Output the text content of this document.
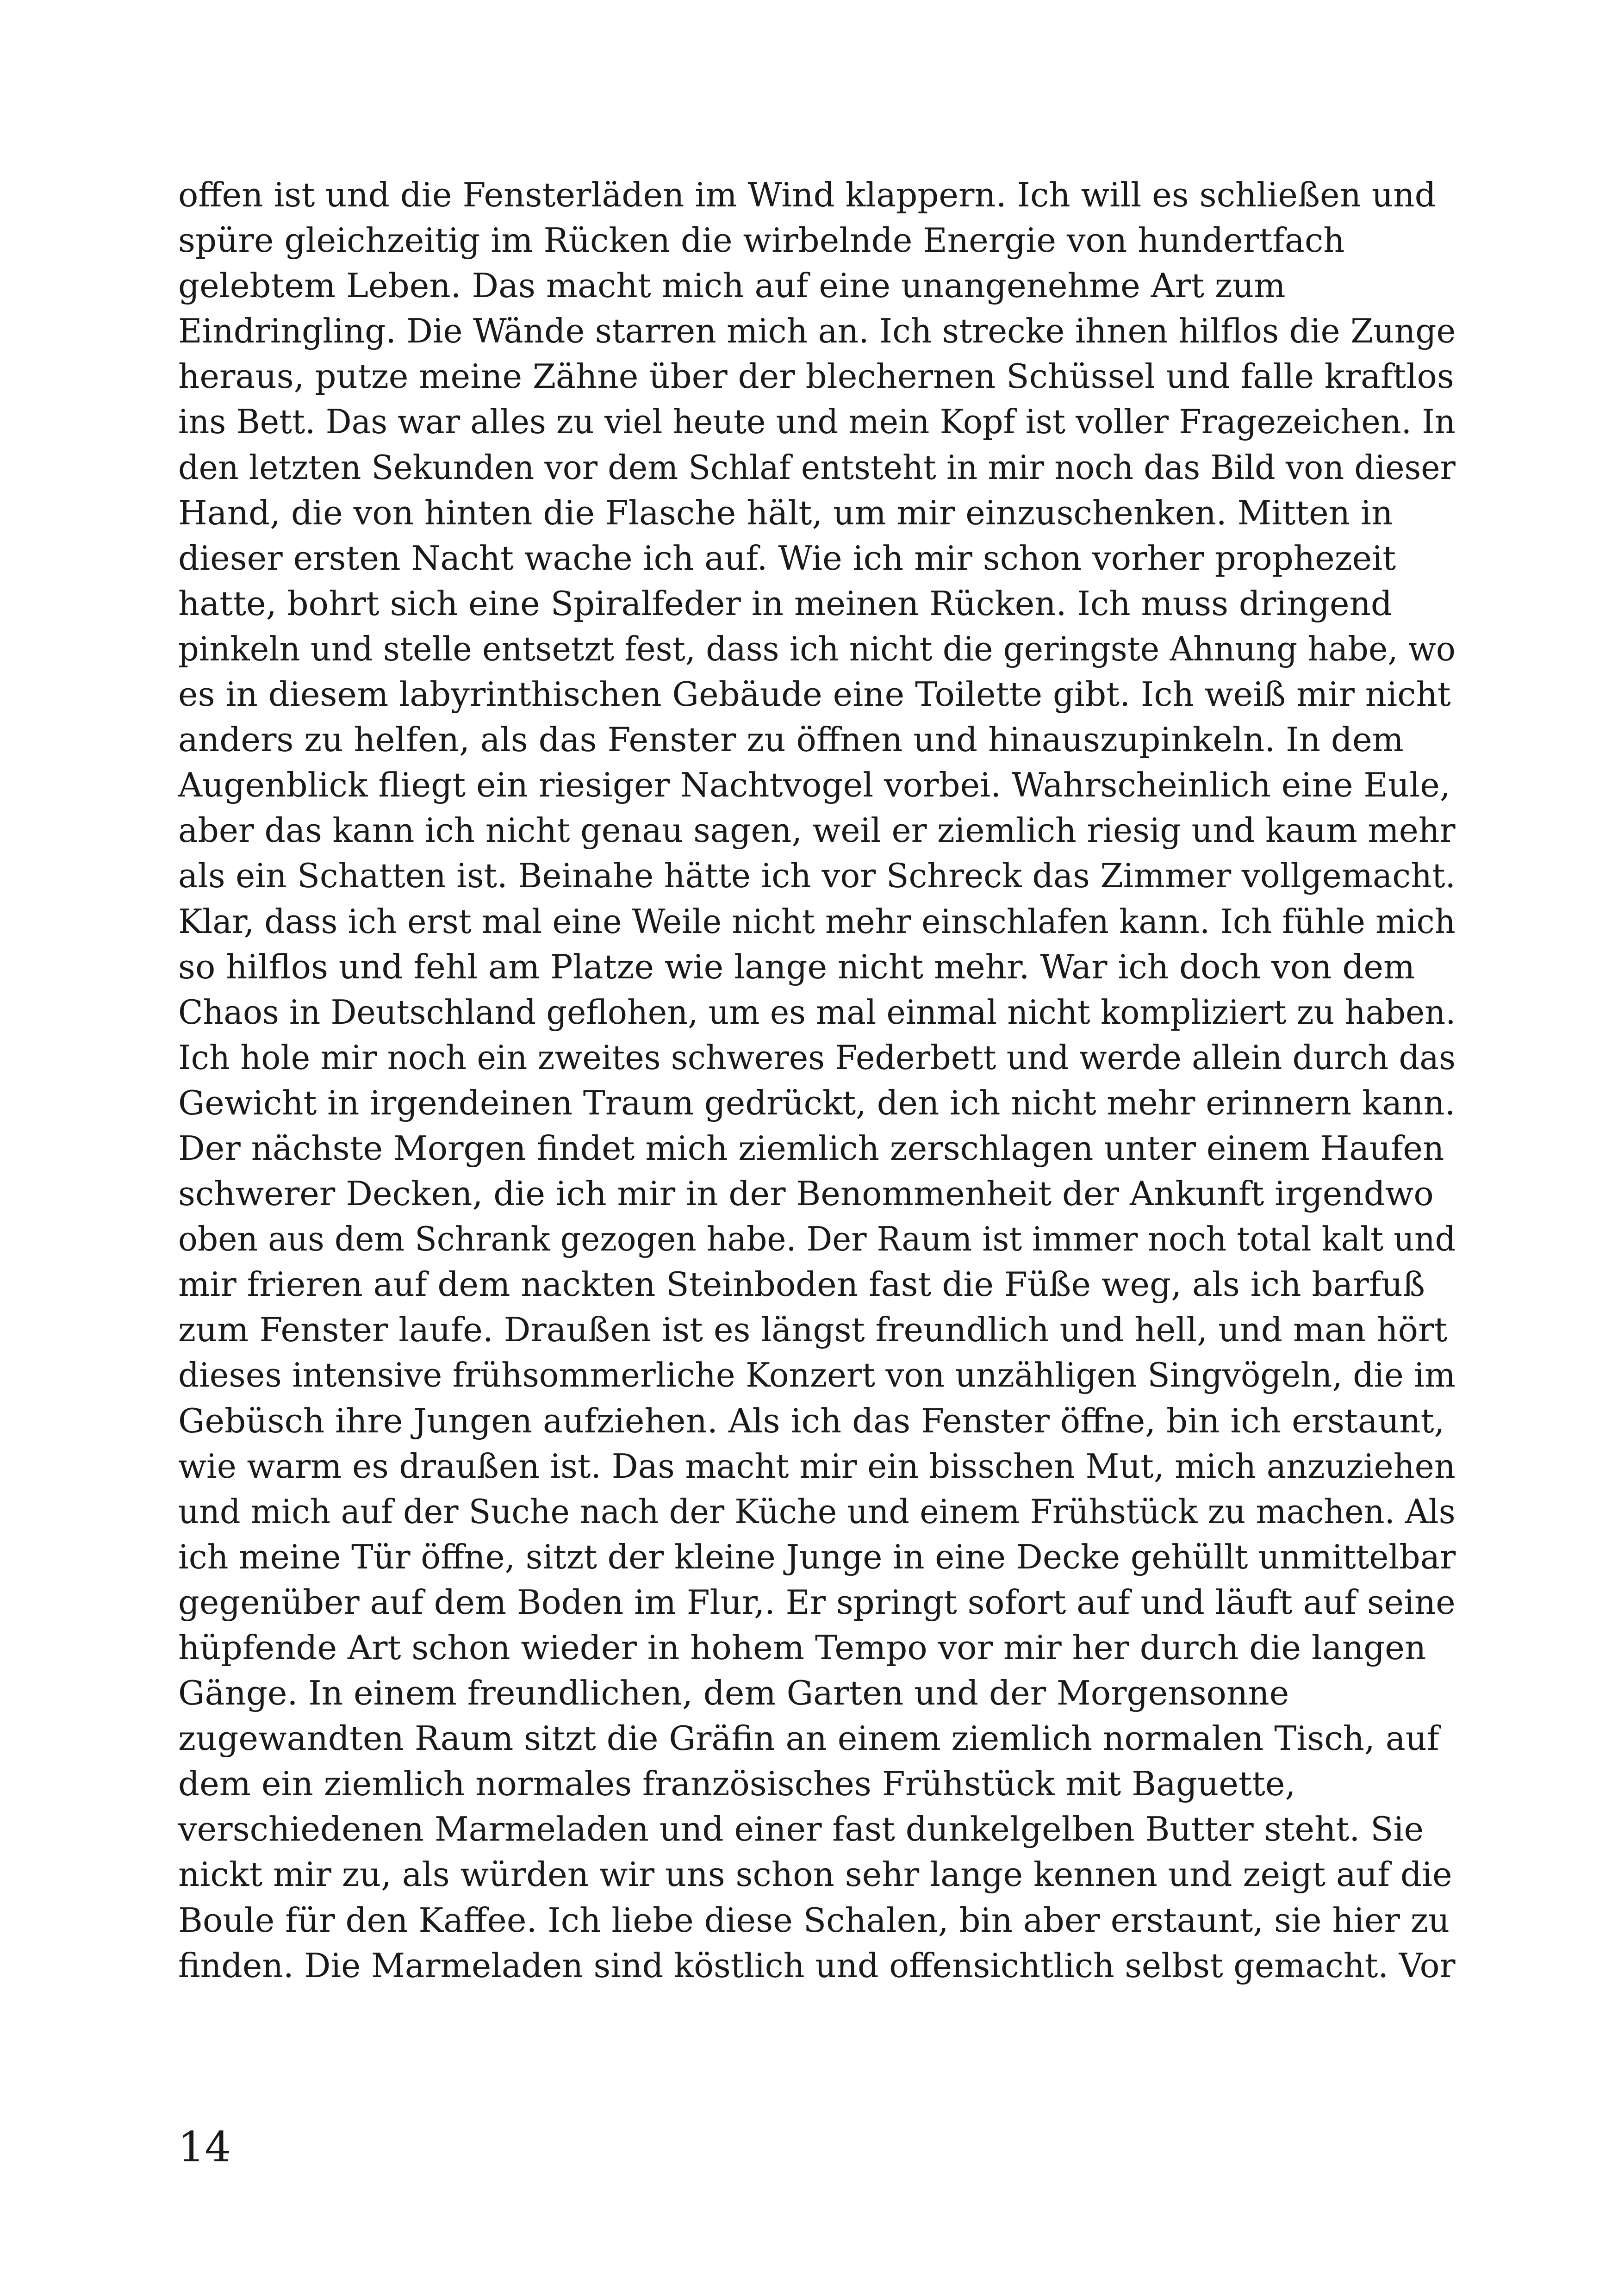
offen ist und die Fensterläden im Wind klappern. Ich will es schließen und
spüre gleichzeitig im Rücken die wirbelnde Energie von hundertfach
gelebtem Leben. Das macht mich auf eine unangenehme Art zum
Eindringling. Die Wände starren mich an. Ich strecke ihnen hilflos die Zunge

heraus, putze meine Zähne über der blechernen Schüssel und falle kraftlos
ins Bett. Das war alles zu viel heute und mein Kopf ist voller Fragezeichen. In
den letzten Sekunden vor dem Schlaf entsteht in mir noch das Bild von dieser

Hand, die von hinten die Flasche hält, um mir einzuschenken. Mitten in
dieser ersten Nacht wache ich auf. Wie ich mir schon vorher prophezeit
hatte, bohrt sich eine Spiralfeder in meinen Rücken. Ich muss dringend
pinkeln und stelle entsetzt fest, dass ich nicht die geringste Ahnung habe, wo

es in diesem labyrinthischen Gebäude eine Toilette gibt. Ich weiß mir nicht
anders zu helfen, als das Fenster zu öffnen und hinauszupinkeln. In dem
Augenblick fliegt ein riesiger Nachtvogel vorbei. Wahrscheinlich eine Eule,
aber das kann ich nicht genau sagen, weil er ziemlich riesig und kaum mehr
als ein Schatten ist. Beinahe hätte ich vor Schreck das Zimmer vollgemacht.
Klar, dass ich erst mal eine Weile nicht mehr einschlafen kann. Ich fühle mich

so hilflos und fehl am Platze wie lange nicht mehr. War ich doch von dem
Chaos in Deutschland geflohen, um es mal einmal nicht kompliziert zu haben.
Ich hole mir noch ein zweites schweres Federbett und werde allein durch das
Gewicht in irgendeinen Traum gedrückt, den ich nicht mehr erinnern kann.

Der nächste Morgen findet mich ziemlich zerschlagen unter einem Haufen
schwerer Decken, die ich mir in der Benommenheit der Ankunft irgendwo
oben aus dem Schrank gezogen habe. Der Raum ist immer noch total kalt und

mir frieren auf dem nackten Steinboden fast die Füße weg, als ich barfuß
zum Fenster laufe. Draußen ist es längst freundlich und hell, und man hört
dieses intensive frühsommerliche Konzert von unzähligen Singvögeln, die im

Gebüsch ihre Jungen aufziehen. Als ich das Fenster öffne, bin ich erstaunt,
wie warm es draußen ist. Das macht mir ein bisschen Mut, mich anzuziehen
und mich auf der Suche nach der Küche und einem Frühstück zu machen. Als
ich meine Tür öffne, sitzt der kleine Junge in eine Decke gehüllt unmittelbar
gegenüber auf dem Boden im Flur,. Er springt sofort auf und läuft auf seine

hüpfende Art schon wieder in hohem Tempo vor mir her durch die langen
Gänge. In einem freundlichen, dem Garten und der Morgensonne
zugewandten Raum sitzt die Gräfin an einem ziemlich normalen Tisch, auf
dem ein ziemlich normales französisches Frühstück mit Baguette,
verschiedenen Marmeladen und einer fast dunkelgelben Butter steht. Sie
nickt mir zu, als würden wir uns schon sehr lange kennen und zeigt auf die
Boule für den Kaffee. Ich liebe diese Schalen, bin aber erstaunt, sie hier zu
finden. Die Marmeladen sind köstlich und offensichtlich selbst gemacht. Vor

14
